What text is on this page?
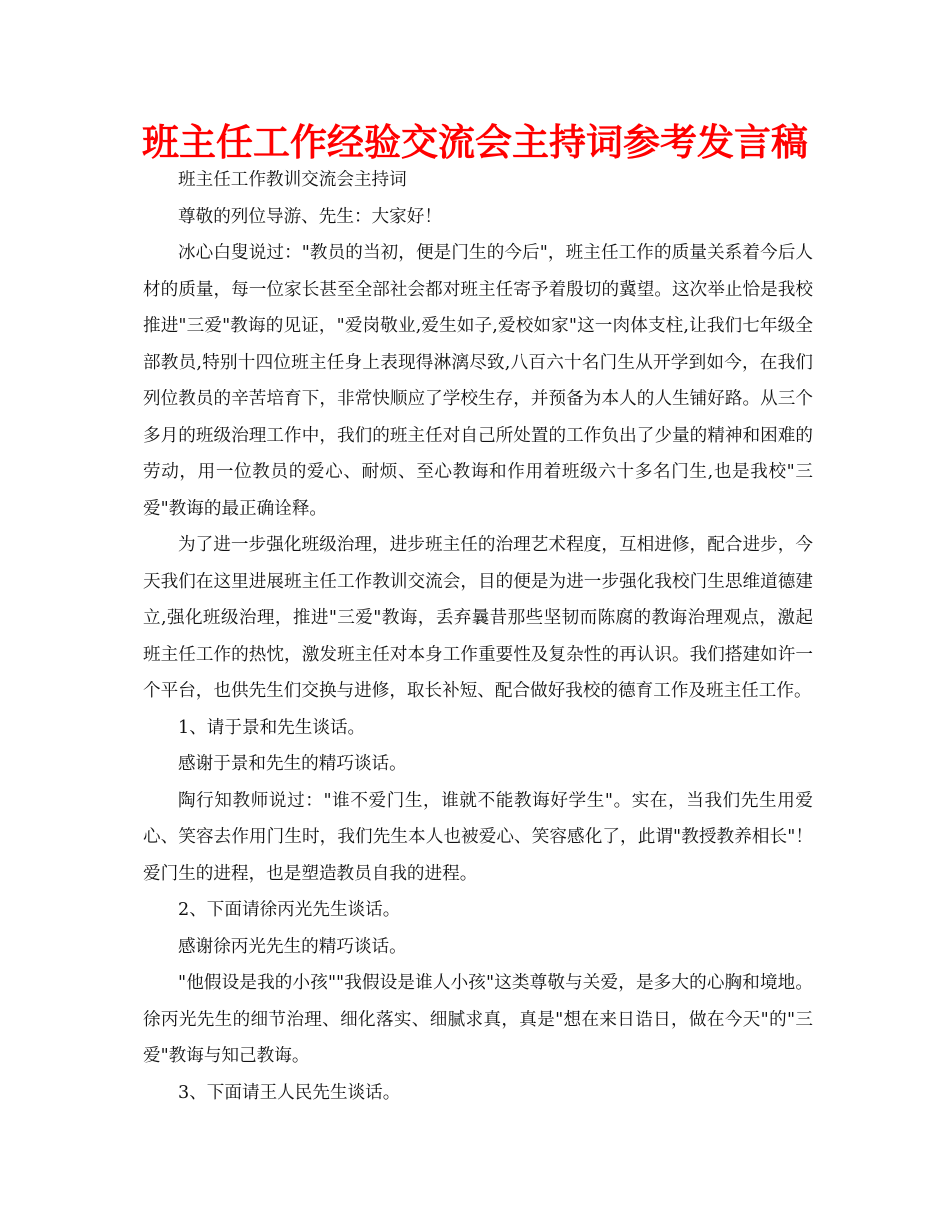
班主任工作经验交流会主持词参考发言稿

班主任工作教训交流会主持词

尊敬的列位导游、先生：大家好！

冰心白叟说过："教员的当初，便是门生的今后"，班主任工作的质量关系着今后人材的质量，每一位家长甚至全部社会都对班主任寄予着殷切的冀望。这次举止恰是我校推进"三爱"教诲的见证，"爱岗敬业,爱生如子,爱校如家"这一肉体支柱,让我们七年级全部教员,特别十四位班主任身上表现得淋漓尽致,八百六十名门生从开学到如今，在我们列位教员的辛苦培育下，非常快顺应了学校生存，并预备为本人的人生铺好路。从三个多月的班级治理工作中，我们的班主任对自己所处置的工作负出了少量的精神和困难的劳动，用一位教员的爱心、耐烦、至心教诲和作用着班级六十多名门生,也是我校"三爱"教诲的最正确诠释。

为了进一步强化班级治理，进步班主任的治理艺术程度，互相进修，配合进步，今天我们在这里进展班主任工作教训交流会，目的便是为进一步强化我校门生思维道德建立,强化班级治理，推进"三爱"教诲，丢弃曩昔那些坚韧而陈腐的教诲治理观点，激起班主任工作的热忱，激发班主任对本身工作重要性及复杂性的再认识。我们搭建如许一个平台，也供先生们交换与进修，取长补短、配合做好我校的德育工作及班主任工作。

1、请于景和先生谈话。

感谢于景和先生的精巧谈话。

陶行知教师说过："谁不爱门生，谁就不能教诲好学生"。实在，当我们先生用爱心、笑容去作用门生时，我们先生本人也被爱心、笑容感化了，此谓"教授教养相长"！爱门生的进程，也是塑造教员自我的进程。

2、下面请徐丙光先生谈话。

感谢徐丙光先生的精巧谈话。

"他假设是我的小孩""我假设是谁人小孩"这类尊敬与关爱，是多大的心胸和境地。徐丙光先生的细节治理、细化落实、细腻求真，真是"想在来日诰日，做在今天"的"三爱"教诲与知己教诲。

3、下面请王人民先生谈话。
